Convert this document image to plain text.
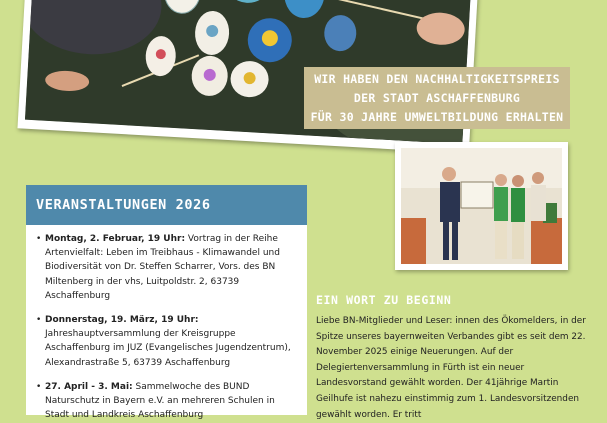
WIR HABEN DEN NACHHALTIGKEITSPREIS
DER STADT ASCHAFFENBURG
FÜR 30 JAHRE UMWELTBILDUNG ERHALTEN
VERANSTALTUNGEN 2026
• Montag, 2. Februar, 19 Uhr: Vortrag in der Reihe Artenvielfalt: Leben im Treibhaus - Klimawandel und Biodiversität von Dr. Steffen Scharrer, Vors. des BN Miltenberg in der vhs, Luitpoldstr. 2, 63739 Aschaffenburg
• Donnerstag, 19. März, 19 Uhr: Jahreshauptversammlung der Kreisgruppe Aschaffenburg im JUZ (Evangelisches Jugendzentrum), Alexandrastraße 5, 63739 Aschaffenburg
• 27. April - 3. Mai: Sammelwoche des BUND Naturschutz in Bayern e.V. an mehreren Schulen in Stadt und Landkreis Aschaffenburg
EIN WORT ZU BEGINN
Liebe BN-Mitglieder und Leser: innen des Ökomelders, in der Spitze unseres bayernweiten Verbandes gibt es seit dem 22. November 2025 einige Neuerungen. Auf der Delegiertenversammlung in Fürth ist ein neuer Landesvorstand gewählt worden. Der 41jährige Martin Geilhufe ist nahezu einstimmig zum 1. Landesvorsitzenden gewählt worden. Er tritt
